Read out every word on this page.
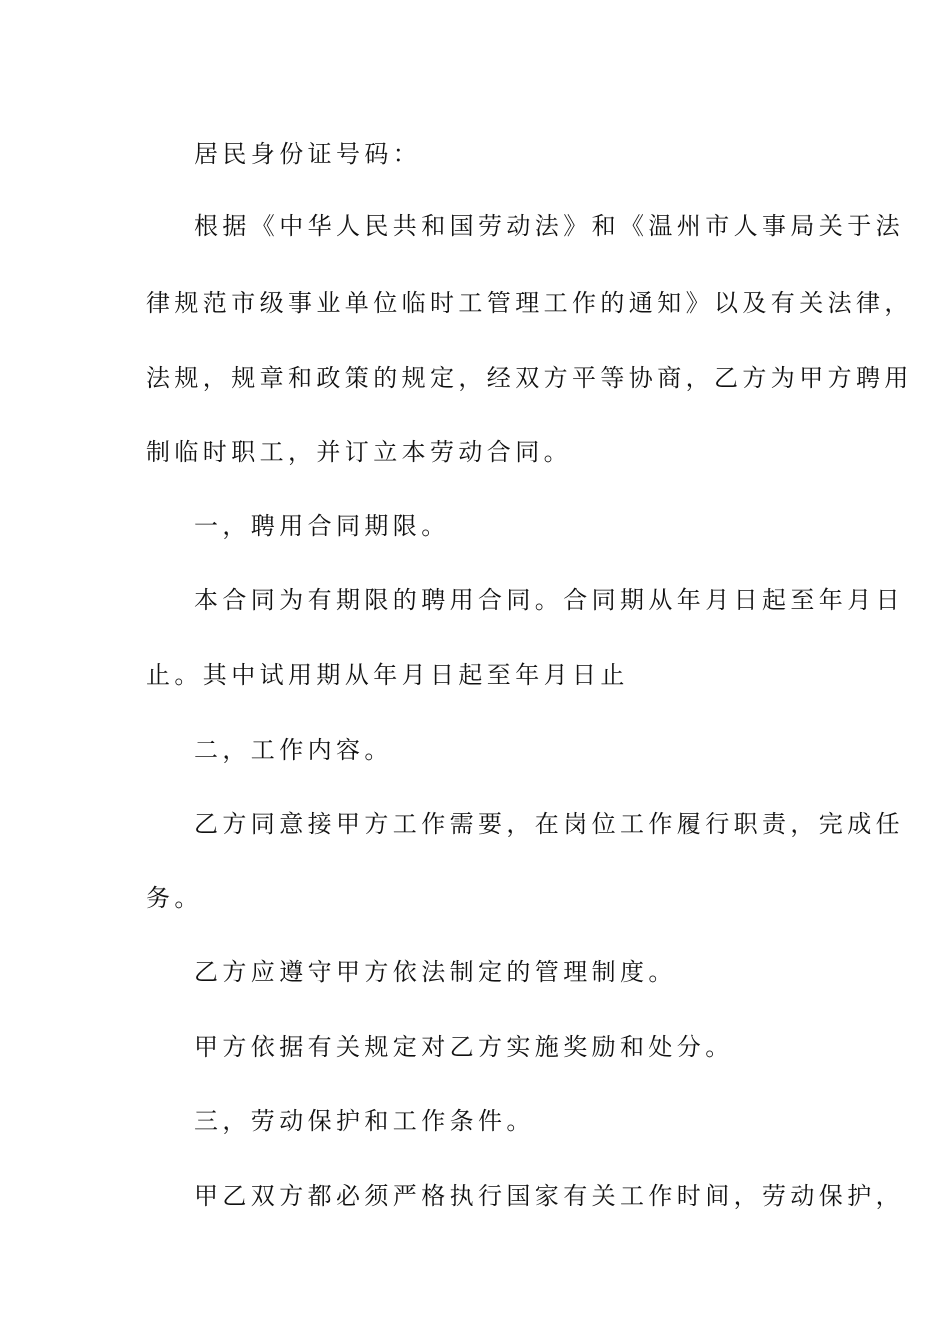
居民身份证号码：
根据《中华人民共和国劳动法》和《温州市人事局关于法
律规范市级事业单位临时工管理工作的通知》以及有关法律，
法规，规章和政策的规定，经双方平等协商，乙方为甲方聘用
制临时职工，并订立本劳动合同。
一，聘用合同期限。
本合同为有期限的聘用合同。合同期从年月日起至年月日
止。其中试用期从年月日起至年月日止
二，工作内容。
乙方同意接甲方工作需要，在岗位工作履行职责，完成任
务。
乙方应遵守甲方依法制定的管理制度。
甲方依据有关规定对乙方实施奖励和处分。
三，劳动保护和工作条件。
甲乙双方都必须严格执行国家有关工作时间，劳动保护，
